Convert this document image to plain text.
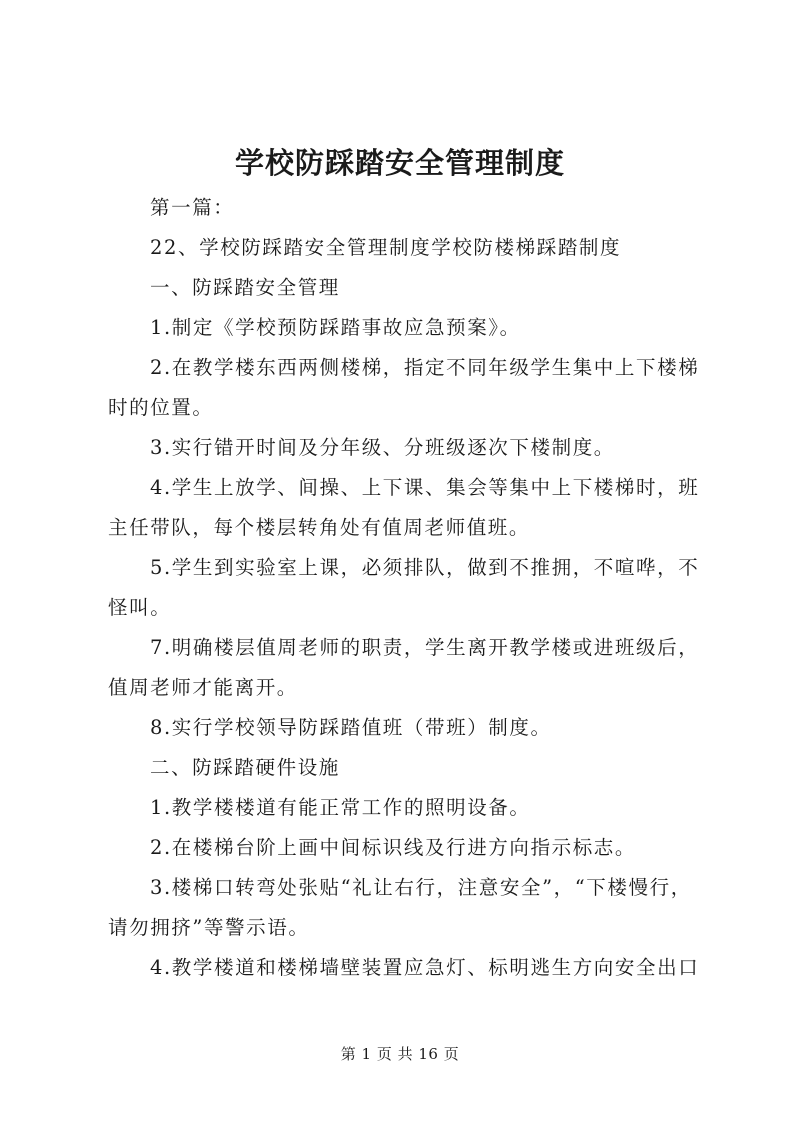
学校防踩踏安全管理制度

第一篇：

22、学校防踩踏安全管理制度学校防楼梯踩踏制度

一、防踩踏安全管理

1.制定《学校预防踩踏事故应急预案》。

2.在教学楼东西两侧楼梯，指定不同年级学生集中上下楼梯时的位置。

3.实行错开时间及分年级、分班级逐次下楼制度。

4.学生上放学、间操、上下课、集会等集中上下楼梯时，班主任带队，每个楼层转角处有值周老师值班。

5.学生到实验室上课，必须排队，做到不推拥，不喧哗，不怪叫。

7.明确楼层值周老师的职责，学生离开教学楼或进班级后，值周老师才能离开。

8.实行学校领导防踩踏值班（带班）制度。

二、防踩踏硬件设施

1.教学楼楼道有能正常工作的照明设备。

2.在楼梯台阶上画中间标识线及行进方向指示标志。

3.楼梯口转弯处张贴“礼让右行，注意安全”，“下楼慢行，请勿拥挤”等警示语。

4.教学楼道和楼梯墙壁装置应急灯、标明逃生方向安全出口

第 1 页 共 16 页
